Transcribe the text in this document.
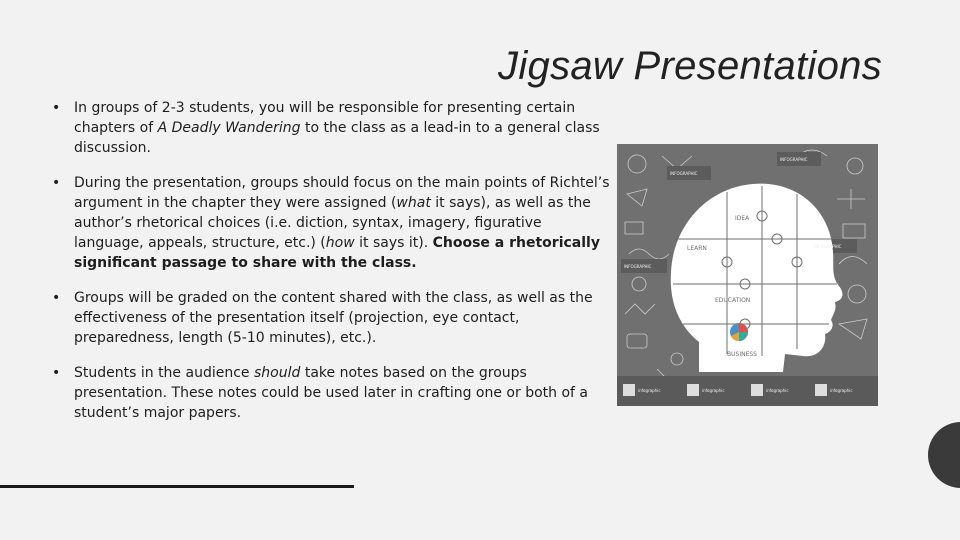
Jigsaw Presentations
• In groups of 2-3 students, you will be responsible for presenting certain chapters of A Deadly Wandering to the class as a lead-in to a general class discussion.
• During the presentation, groups should focus on the main points of Richtel’s argument in the chapter they were assigned (what it says), as well as the author’s rhetorical choices (i.e. diction, syntax, imagery, figurative language, appeals, structure, etc.) (how it says it). Choose a rhetorically significant passage to share with the class.
• Groups will be graded on the content shared with the class, as well as the effectiveness of the presentation itself (projection, eye contact, preparedness, length (5-10 minutes), etc.).
• Students in the audience should take notes based on the groups presentation. These notes could be used later in crafting one or both of a student’s major papers.
IDEA
LEARN
EDUCATION
BUSINESS
INFOGRAPHIC
INFOGRAPHIC
INFOGRAPHIC
INFOGRAPHIC
infographic	infographic	infographic	infographic
